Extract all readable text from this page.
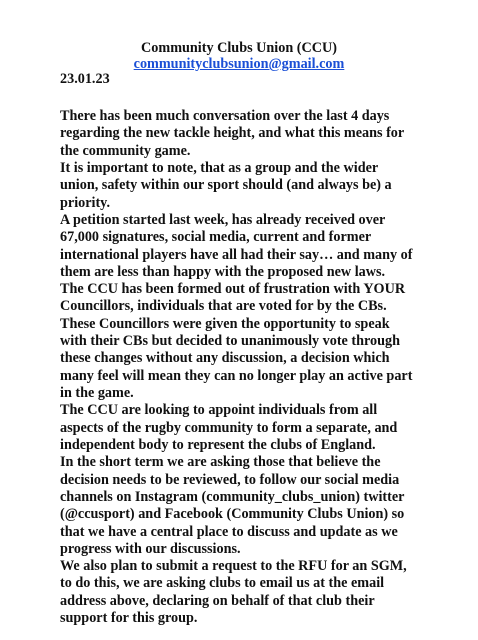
Community Clubs Union (CCU)
communityclubsunion@gmail.com
23.01.23
There has been much conversation over the last 4 days
regarding the new tackle height, and what this means for
the community game.
It is important to note, that as a group and the wider
union, safety within our sport should (and always be) a
priority.
A petition started last week, has already received over
67,000 signatures, social media, current and former
international players have all had their say… and many of
them are less than happy with the proposed new laws.
The CCU has been formed out of frustration with YOUR
Councillors, individuals that are voted for by the CBs.
These Councillors were given the opportunity to speak
with their CBs but decided to unanimously vote through
these changes without any discussion, a decision which
many feel will mean they can no longer play an active part
in the game.
The CCU are looking to appoint individuals from all
aspects of the rugby community to form a separate, and
independent body to represent the clubs of England.
In the short term we are asking those that believe the
decision needs to be reviewed, to follow our social media
channels on Instagram (community_clubs_union) twitter
(@ccusport) and Facebook (Community Clubs Union) so
that we have a central place to discuss and update as we
progress with our discussions.
We also plan to submit a request to the RFU for an SGM,
to do this, we are asking clubs to email us at the email
address above, declaring on behalf of that club their
support for this group.
